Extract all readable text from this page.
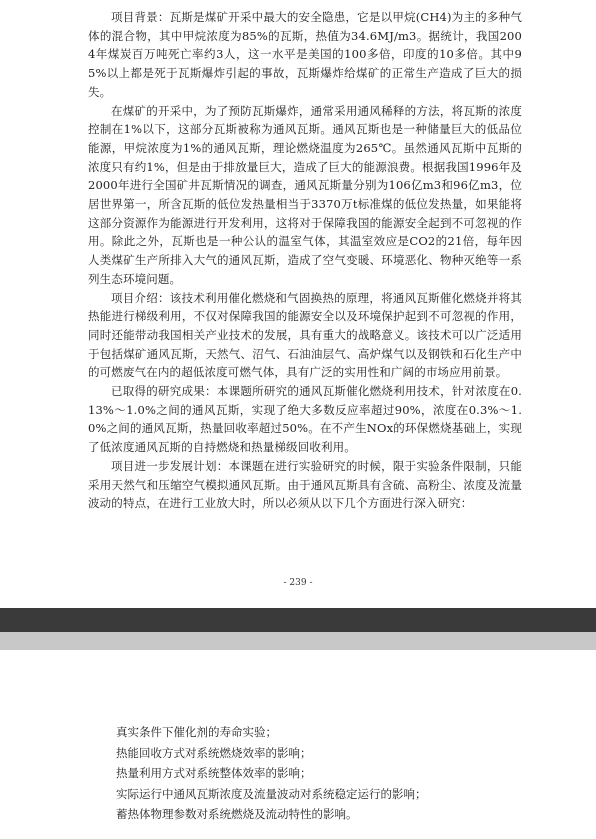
项目背景：瓦斯是煤矿开采中最大的安全隐患，它是以甲烷(CH4)为主的多种气体的混合物，其中甲烷浓度为85%的瓦斯，热值为34.6MJ/m3。据统计，我国2004年煤炭百万吨死亡率约3人，这一水平是美国的100多倍，印度的10多倍。其中95%以上都是死于瓦斯爆炸引起的事故，瓦斯爆炸给煤矿的正常生产造成了巨大的损失。

在煤矿的开采中，为了预防瓦斯爆炸，通常采用通风稀释的方法，将瓦斯的浓度控制在1%以下，这部分瓦斯被称为通风瓦斯。通风瓦斯也是一种储量巨大的低品位能源，甲烷浓度为1%的通风瓦斯，理论燃烧温度为265℃。虽然通风瓦斯中瓦斯的浓度只有约1%，但是由于排放量巨大，造成了巨大的能源浪费。根据我国1996年及2000年进行全国矿井瓦斯情况的调查，通风瓦斯量分别为106亿m3和96亿m3，位居世界第一，所含瓦斯的低位发热量相当于3370万t标准煤的低位发热量，如果能将这部分资源作为能源进行开发利用，这将对于保障我国的能源安全起到不可忽视的作用。除此之外，瓦斯也是一种公认的温室气体，其温室效应是CO2的21倍，每年因人类煤矿生产所排入大气的通风瓦斯，造成了空气变暖、环境恶化、物种灭绝等一系列生态环境问题。

项目介绍：该技术利用催化燃烧和气固换热的原理，将通风瓦斯催化燃烧并将其热能进行梯级利用，不仅对保障我国的能源安全以及环境保护起到不可忽视的作用，同时还能带动我国相关产业技术的发展，具有重大的战略意义。该技术可以广泛适用于包括煤矿通风瓦斯，天然气、沼气、石油油层气、高炉煤气以及钢铁和石化生产中的可燃废气在内的超低浓度可燃气体，具有广泛的实用性和广阔的市场应用前景。

已取得的研究成果：本课题所研究的通风瓦斯催化燃烧利用技术，针对浓度在0.13%～1.0%之间的通风瓦斯，实现了绝大多数反应率超过90%，浓度在0.3%～1.0%之间的通风瓦斯，热量回收率超过50%。在不产生NOx的环保燃烧基础上，实现了低浓度通风瓦斯的自持燃烧和热量梯级回收利用。

项目进一步发展计划：本课题在进行实验研究的时候，限于实验条件限制，只能采用天然气和压缩空气模拟通风瓦斯。由于通风瓦斯具有含硫、高粉尘、浓度及流量波动的特点，在进行工业放大时，所以必须从以下几个方面进行深入研究：

- 239 -
真实条件下催化剂的寿命实验；
热能回收方式对系统燃烧效率的影响；
热量利用方式对系统整体效率的影响；
实际运行中通风瓦斯浓度及流量波动对系统稳定运行的影响；
蓄热体物理参数对系统燃烧及流动特性的影响。
